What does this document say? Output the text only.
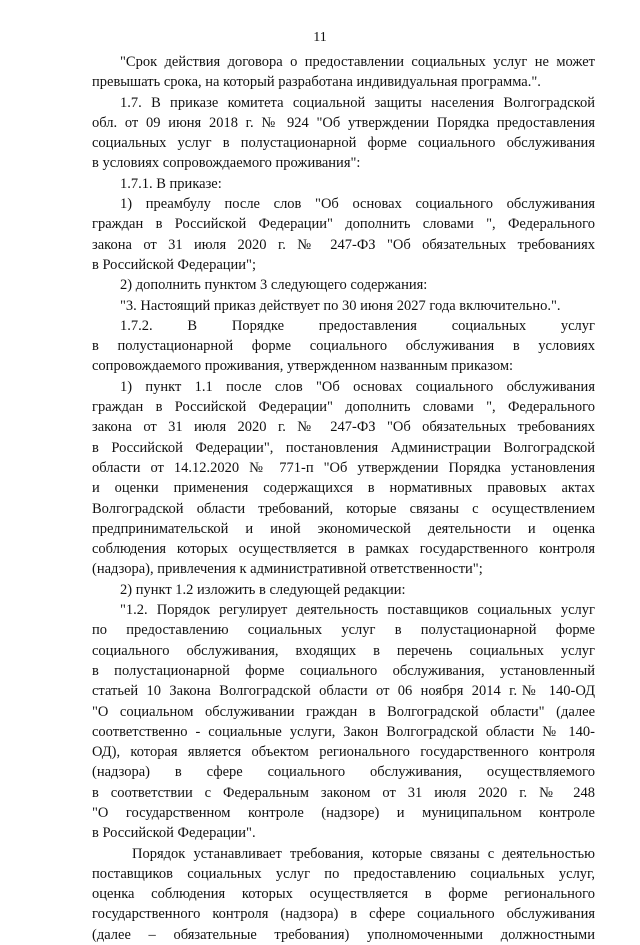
11
"Срок действия договора о предоставлении социальных услуг не может
превышать срока, на который разработана индивидуальная программа.".
1.7. В приказе комитета социальной защиты населения Волгоградской
обл. от 09 июня 2018 г. № 924 "Об утверждении Порядка предоставления
социальных услуг в полустационарной форме социального обслуживания
в условиях сопровождаемого проживания":
1.7.1. В приказе:
1) преамбулу после слов "Об основах социального обслуживания
граждан в Российской Федерации" дополнить словами ", Федерального
закона от 31 июля 2020 г. № 247-ФЗ "Об обязательных требованиях
в Российской Федерации";
2) дополнить пунктом 3 следующего содержания:
"3. Настоящий приказ действует по 30 июня 2027 года включительно.".
1.7.2. В Порядке предоставления социальных услуг
в полустационарной форме социального обслуживания в условиях
сопровождаемого проживания, утвержденном названным приказом:
1) пункт 1.1 после слов "Об основах социального обслуживания
граждан в Российской Федерации" дополнить словами ", Федерального
закона от 31 июля 2020 г. № 247-ФЗ "Об обязательных требованиях
в Российской Федерации", постановления Администрации Волгоградской
области от 14.12.2020 № 771-п "Об утверждении Порядка установления
и оценки применения содержащихся в нормативных правовых актах
Волгоградской области требований, которые связаны с осуществлением
предпринимательской и иной экономической деятельности и оценка
соблюдения которых осуществляется в рамках государственного контроля
(надзора), привлечения к административной ответственности";
2) пункт 1.2 изложить в следующей редакции:
"1.2. Порядок регулирует деятельность поставщиков социальных услуг
по предоставлению социальных услуг в полустационарной форме
социального обслуживания, входящих в перечень социальных услуг
в полустационарной форме социального обслуживания, установленный
статьей 10 Закона Волгоградской области от 06 ноября 2014 г.№ 140-ОД
"О социальном обслуживании граждан в Волгоградской области" (далее
соответственно - социальные услуги, Закон Волгоградской области № 140-
ОД), которая является объектом регионального государственного контроля
(надзора) в сфере социального обслуживания, осуществляемого
в соответствии с Федеральным законом от 31 июля 2020 г. № 248
"О государственном контроле (надзоре) и муниципальном контроле
в Российской Федерации".
Порядок устанавливает требования, которые связаны с деятельностью
поставщиков социальных услуг по предоставлению социальных услуг,
оценка соблюдения которых осуществляется в форме регионального
государственного контроля (надзора) в сфере социального обслуживания
(далее – обязательные требования) уполномоченными должностными
